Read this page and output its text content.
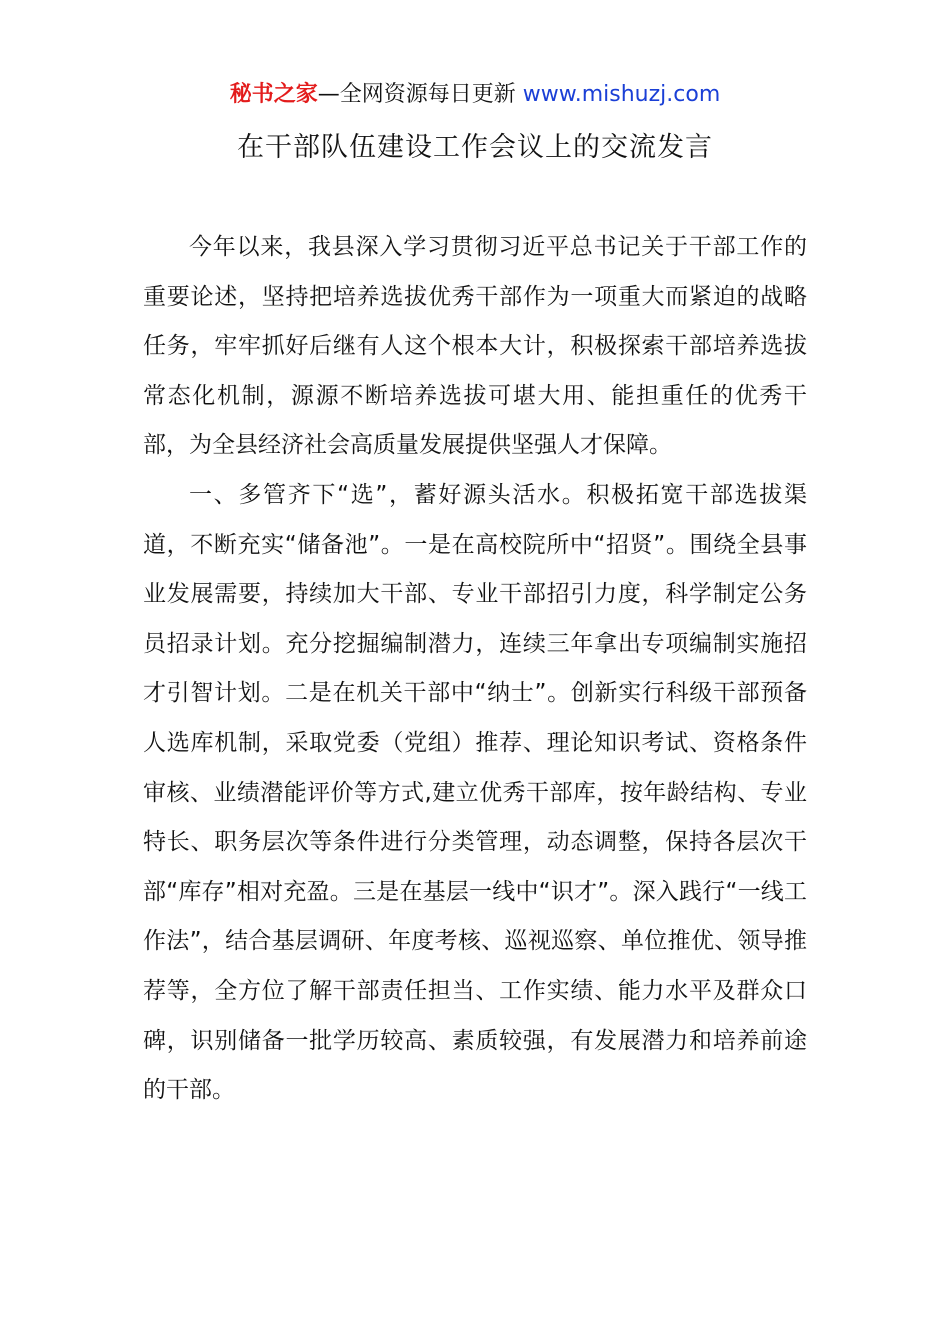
秘书之家—全网资源每日更新 www.mishuzj.com
在干部队伍建设工作会议上的交流发言

今年以来，我县深入学习贯彻习近平总书记关于干部工作的重要论述，坚持把培养选拔优秀干部作为一项重大而紧迫的战略任务，牢牢抓好后继有人这个根本大计，积极探索干部培养选拔常态化机制，源源不断培养选拔可堪大用、能担重任的优秀干部，为全县经济社会高质量发展提供坚强人才保障。

一、多管齐下“选”，蓄好源头活水。积极拓宽干部选拔渠道，不断充实“储备池”。一是在高校院所中“招贤”。围绕全县事业发展需要，持续加大干部、专业干部招引力度，科学制定公务员招录计划。充分挖掘编制潜力，连续三年拿出专项编制实施招才引智计划。二是在机关干部中“纳士”。创新实行科级干部预备人选库机制，采取党委（党组）推荐、理论知识考试、资格条件审核、业绩潜能评价等方式,建立优秀干部库，按年龄结构、专业特长、职务层次等条件进行分类管理，动态调整，保持各层次干部“库存”相对充盈。三是在基层一线中“识才”。深入践行“一线工作法”，结合基层调研、年度考核、巡视巡察、单位推优、领导推荐等，全方位了解干部责任担当、工作实绩、能力水平及群众口碑，识别储备一批学历较高、素质较强，有发展潜力和培养前途的干部。
